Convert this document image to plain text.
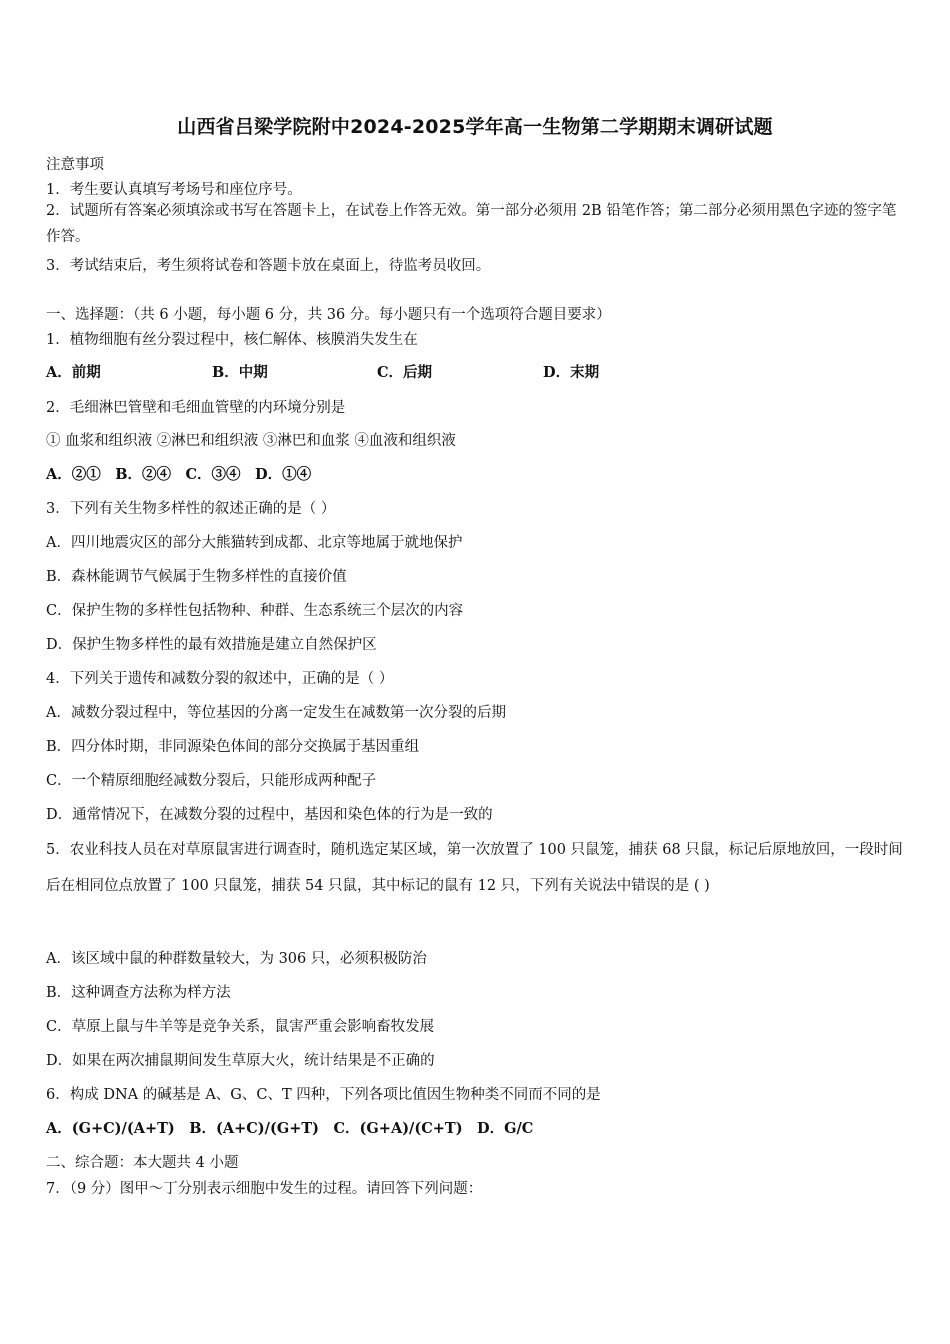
山西省吕梁学院附中2024-2025学年高一生物第二学期期末调研试题
注意事项
1．考生要认真填写考场号和座位序号。
2．试题所有答案必须填涂或书写在答题卡上，在试卷上作答无效。第一部分必须用 2B 铅笔作答；第二部分必须用黑色字迹的签字笔作答。
3．考试结束后，考生须将试卷和答题卡放在桌面上，待监考员收回。
一、选择题：（共 6 小题，每小题 6 分，共 36 分。每小题只有一个选项符合题目要求）
1．植物细胞有丝分裂过程中，核仁解体、核膜消失发生在
A．前期	B．中期	C．后期	D．末期
2．毛细淋巴管壁和毛细血管壁的内环境分别是
① 血浆和组织液 ②淋巴和组织液 ③淋巴和血浆 ④血液和组织液
A．②①　B．②④　C．③④　D．①④
3．下列有关生物多样性的叙述正确的是（ ）
A．四川地震灾区的部分大熊猫转到成都、北京等地属于就地保护
B．森林能调节气候属于生物多样性的直接价值
C．保护生物的多样性包括物种、种群、生态系统三个层次的内容
D．保护生物多样性的最有效措施是建立自然保护区
4．下列关于遗传和减数分裂的叙述中，正确的是（ ）
A．减数分裂过程中，等位基因的分离一定发生在减数第一次分裂的后期
B．四分体时期，非同源染色体间的部分交换属于基因重组
C．一个精原细胞经减数分裂后，只能形成两种配子
D．通常情况下，在减数分裂的过程中，基因和染色体的行为是一致的
5．农业科技人员在对草原鼠害进行调查时，随机选定某区域，第一次放置了 100 只鼠笼，捕获 68 只鼠，标记后原地放回，一段时间后在相同位点放置了 100 只鼠笼，捕获 54 只鼠，其中标记的鼠有 12 只，下列有关说法中错误的是 ( )
A．该区域中鼠的种群数量较大，为 306 只，必须积极防治
B．这种调查方法称为样方法
C．草原上鼠与牛羊等是竞争关系，鼠害严重会影响畜牧发展
D．如果在两次捕鼠期间发生草原大火，统计结果是不正确的
6．构成 DNA 的碱基是 A、G、C、T 四种，下列各项比值因生物种类不同而不同的是
A．(G+C)/(A+T)　B．(A+C)/(G+T)　C．(G+A)/(C+T)　D．G/C
二、综合题：本大题共 4 小题
7．（9 分）图甲～丁分别表示细胞中发生的过程。请回答下列问题：
